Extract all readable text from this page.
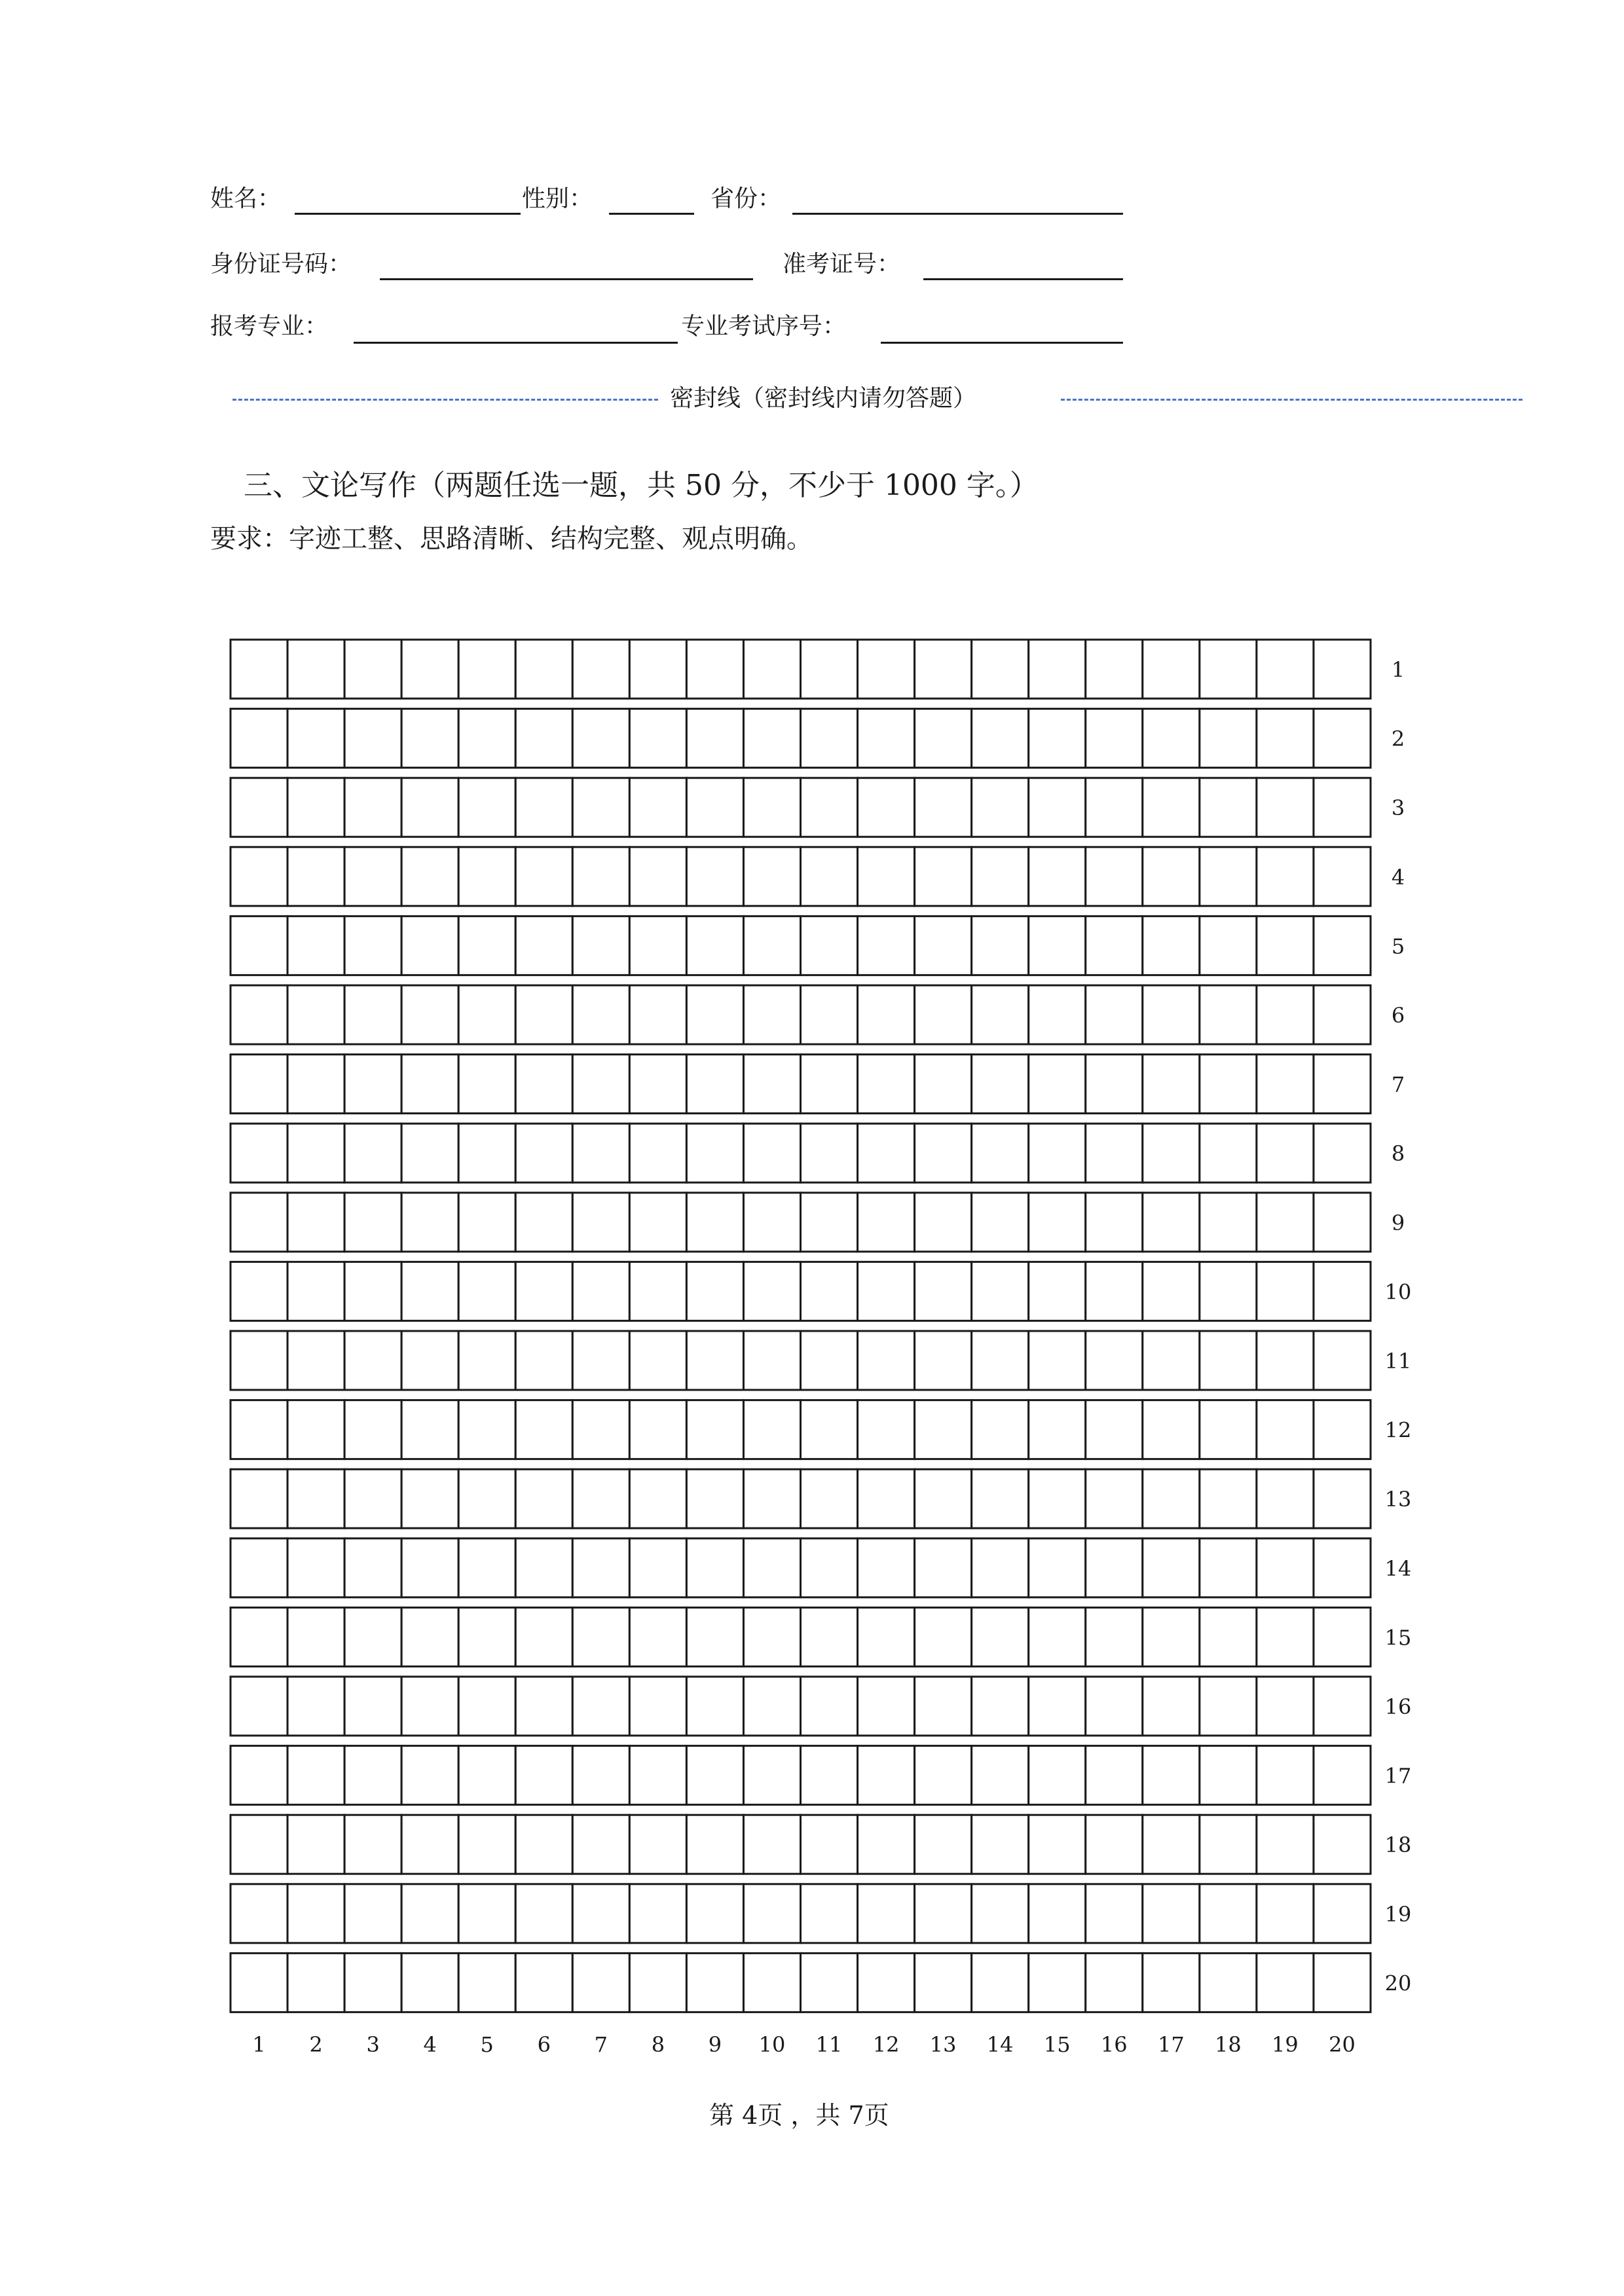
姓名：	性别：	省份：
身份证号码：	准考证号：
报考专业：	专业考试序号：
密封线（密封线内请勿答题）
三、文论写作（两题任选一题，共 50 分，不少于 1000 字。）
要求：字迹工整、思路清晰、结构完整、观点明确。
1
2
3
4
5
6
7
8
9
10
11
12
13
14
15
16
17
18
19
20
1 2 3 4 5 6 7 8 9 10 11 12 13 14 15 16 17 18 19 20
第 4页 ，共 7页
